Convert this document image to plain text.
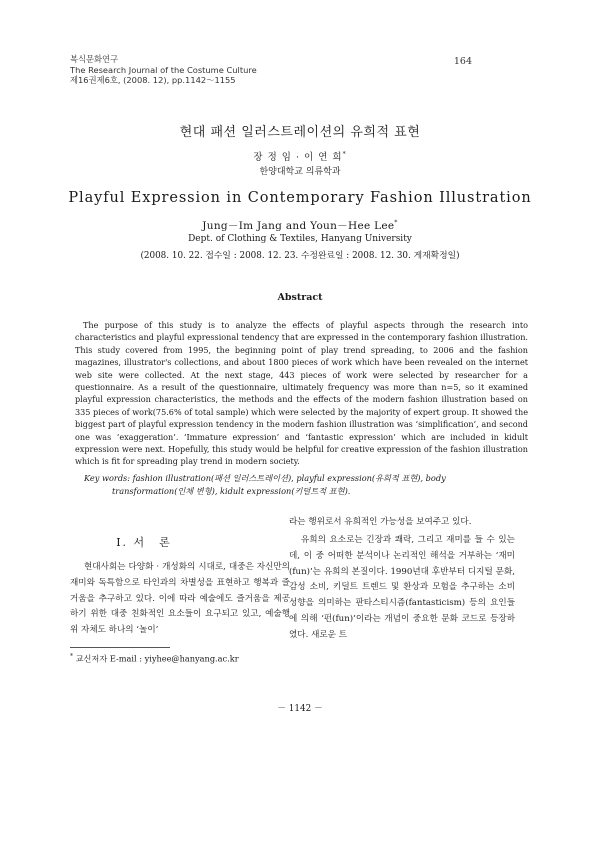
복식문화연구
The Research Journal of the Costume Culture
제16권제6호, (2008. 12), pp.1142～1155
164
현대 패션 일러스트레이션의 유희적 표현
장 정 임 · 이 연 희*
한양대학교 의류학과
Playful Expression in Contemporary Fashion Illustration
Jung－Im Jang and Youn－Hee Lee*
Dept. of Clothing & Textiles, Hanyang University
(2008. 10. 22. 접수일 : 2008. 12. 23. 수정완료일 : 2008. 12. 30. 게재확정일)
Abstract
The purpose of this study is to analyze the effects of playful aspects through the research into characteristics and playful expressional tendency that are expressed in the contemporary fashion illustration. This study covered from 1995, the beginning point of play trend spreading, to 2006 and the fashion magazines, illustrator's collections, and about 1800 pieces of work which have been revealed on the internet web site were collected. At the next stage, 443 pieces of work were selected by researcher for a questionnaire. As a result of the questionnaire, ultimately frequency was more than n=5, so it examined playful expression characteristics, the methods and the effects of the modern fashion illustration based on 335 pieces of work(75.6% of total sample) which were selected by the majority of expert group. It showed the biggest part of playful expression tendency in the modern fashion illustration was ‘simplification’, and second one was ‘exaggeration’. ‘Immature expression’ and ‘fantastic expression’ which are included in kidult expression were next. Hopefully, this study would be helpful for creative expression of the fashion illustration which is fit for spreading play trend in modern society.
Key words: fashion illustration(패션 일러스트레이션), playful expression(유희적 표현), body transformation(인체 변형), kidult expression(키덜트적 표현).
Ⅰ. 서　론
현대사회는 다양화 · 개성화의 시대로, 대중은 자신만의 재미와 독특함으로 타인과의 차별성을 표현하고 행복과 즐거움을 추구하고 있다. 이에 따라 예술에도 즐거움을 제공하기 위한 대중 친화적인 요소들이 요구되고 있고, 예술행위 자체도 하나의 ‘놀이’
라는 행위로서 유희적인 가능성을 보여주고 있다.
유희의 요소로는 긴장과 쾌락, 그리고 재미를 들 수 있는데, 이 중 어떠한 분석이나 논리적인 해석을 거부하는 ‘재미(fun)’는 유희의 본질이다. 1990년대 후반부터 디지털 문화, 감성 소비, 키덜트 트렌드 및 환상과 모험을 추구하는 소비 성향을 의미하는 판타스티시즘(fantasticism) 등의 요인들에 의해 ‘펀(fun)’이라는 개념이 중요한 문화 코드로 등장하였다. 새로운 트
* 교신저자 E-mail : yiyhee@hanyang.ac.kr
－ 1142 －
